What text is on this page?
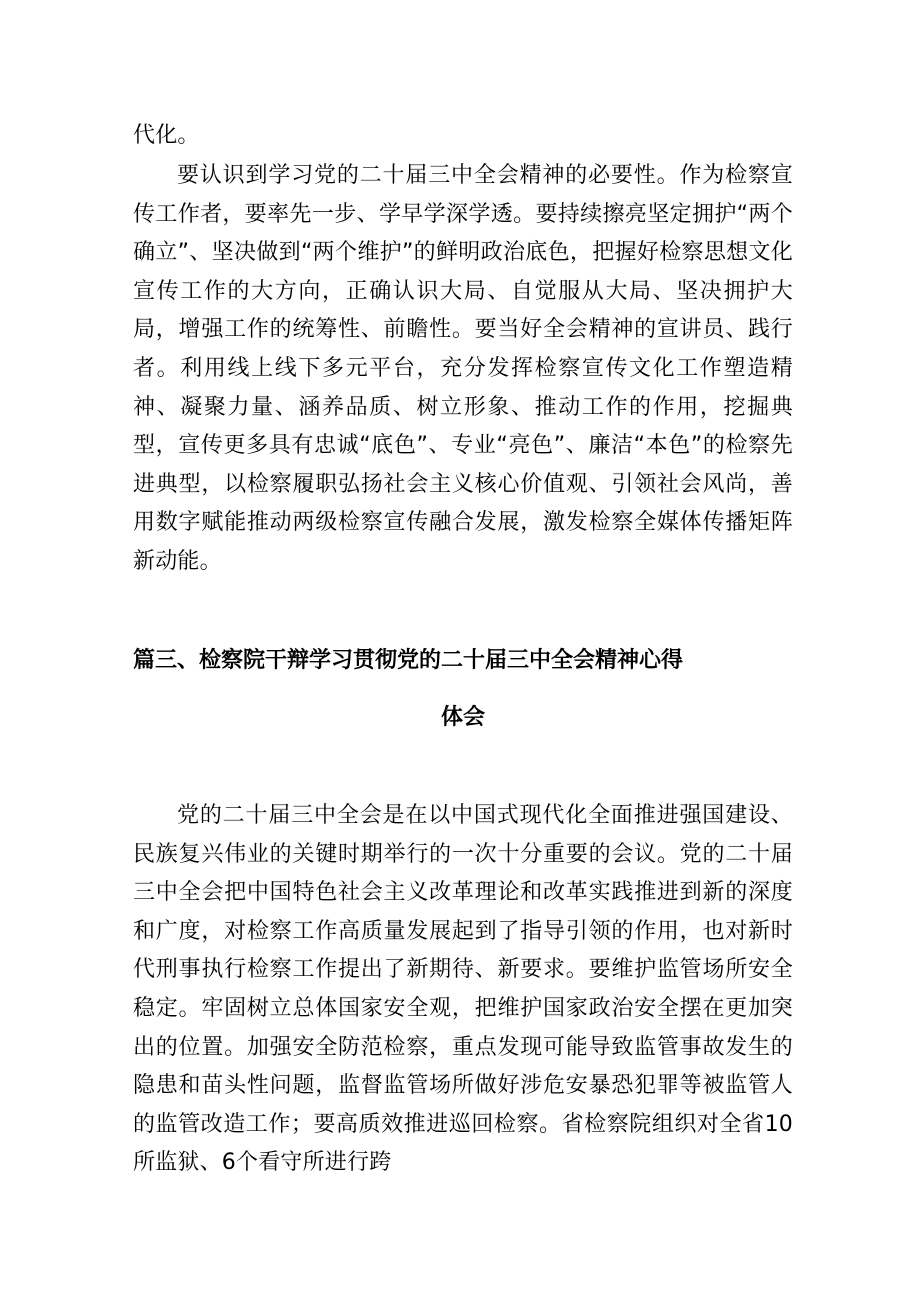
代化。

要认识到学习党的二十届三中全会精神的必要性。作为检察宣传工作者，要率先一步、学早学深学透。要持续擦亮坚定拥护“两个确立”、坚决做到“两个维护”的鲜明政治底色，把握好检察思想文化宣传工作的大方向，正确认识大局、自觉服从大局、坚决拥护大局，增强工作的统筹性、前瞻性。要当好全会精神的宣讲员、践行者。利用线上线下多元平台，充分发挥检察宣传文化工作塑造精神、凝聚力量、涵养品质、树立形象、推动工作的作用，挖掘典型，宣传更多具有忠诚“底色”、专业“亮色”、廉洁“本色”的检察先进典型，以检察履职弘扬社会主义核心价值观、引领社会风尚，善用数字赋能推动两级检察宣传融合发展，激发检察全媒体传播矩阵新动能。

篇三、检察院干辩学习贯彻党的二十届三中全会精神心得

体会

党的二十届三中全会是在以中国式现代化全面推进强国建设、民族复兴伟业的关键时期举行的一次十分重要的会议。党的二十届三中全会把中国特色社会主义改革理论和改革实践推进到新的深度和广度，对检察工作高质量发展起到了指导引领的作用，也对新时代刑事执行检察工作提出了新期待、新要求。要维护监管场所安全稳定。牢固树立总体国家安全观，把维护国家政治安全摆在更加突出的位置。加强安全防范检察，重点发现可能导致监管事故发生的隐患和苗头性问题，监督监管场所做好涉危安暴恐犯罪等被监管人的监管改造工作；要高质效推进巡回检察。省检察院组织对全省10所监狱、6个看守所进行跨
